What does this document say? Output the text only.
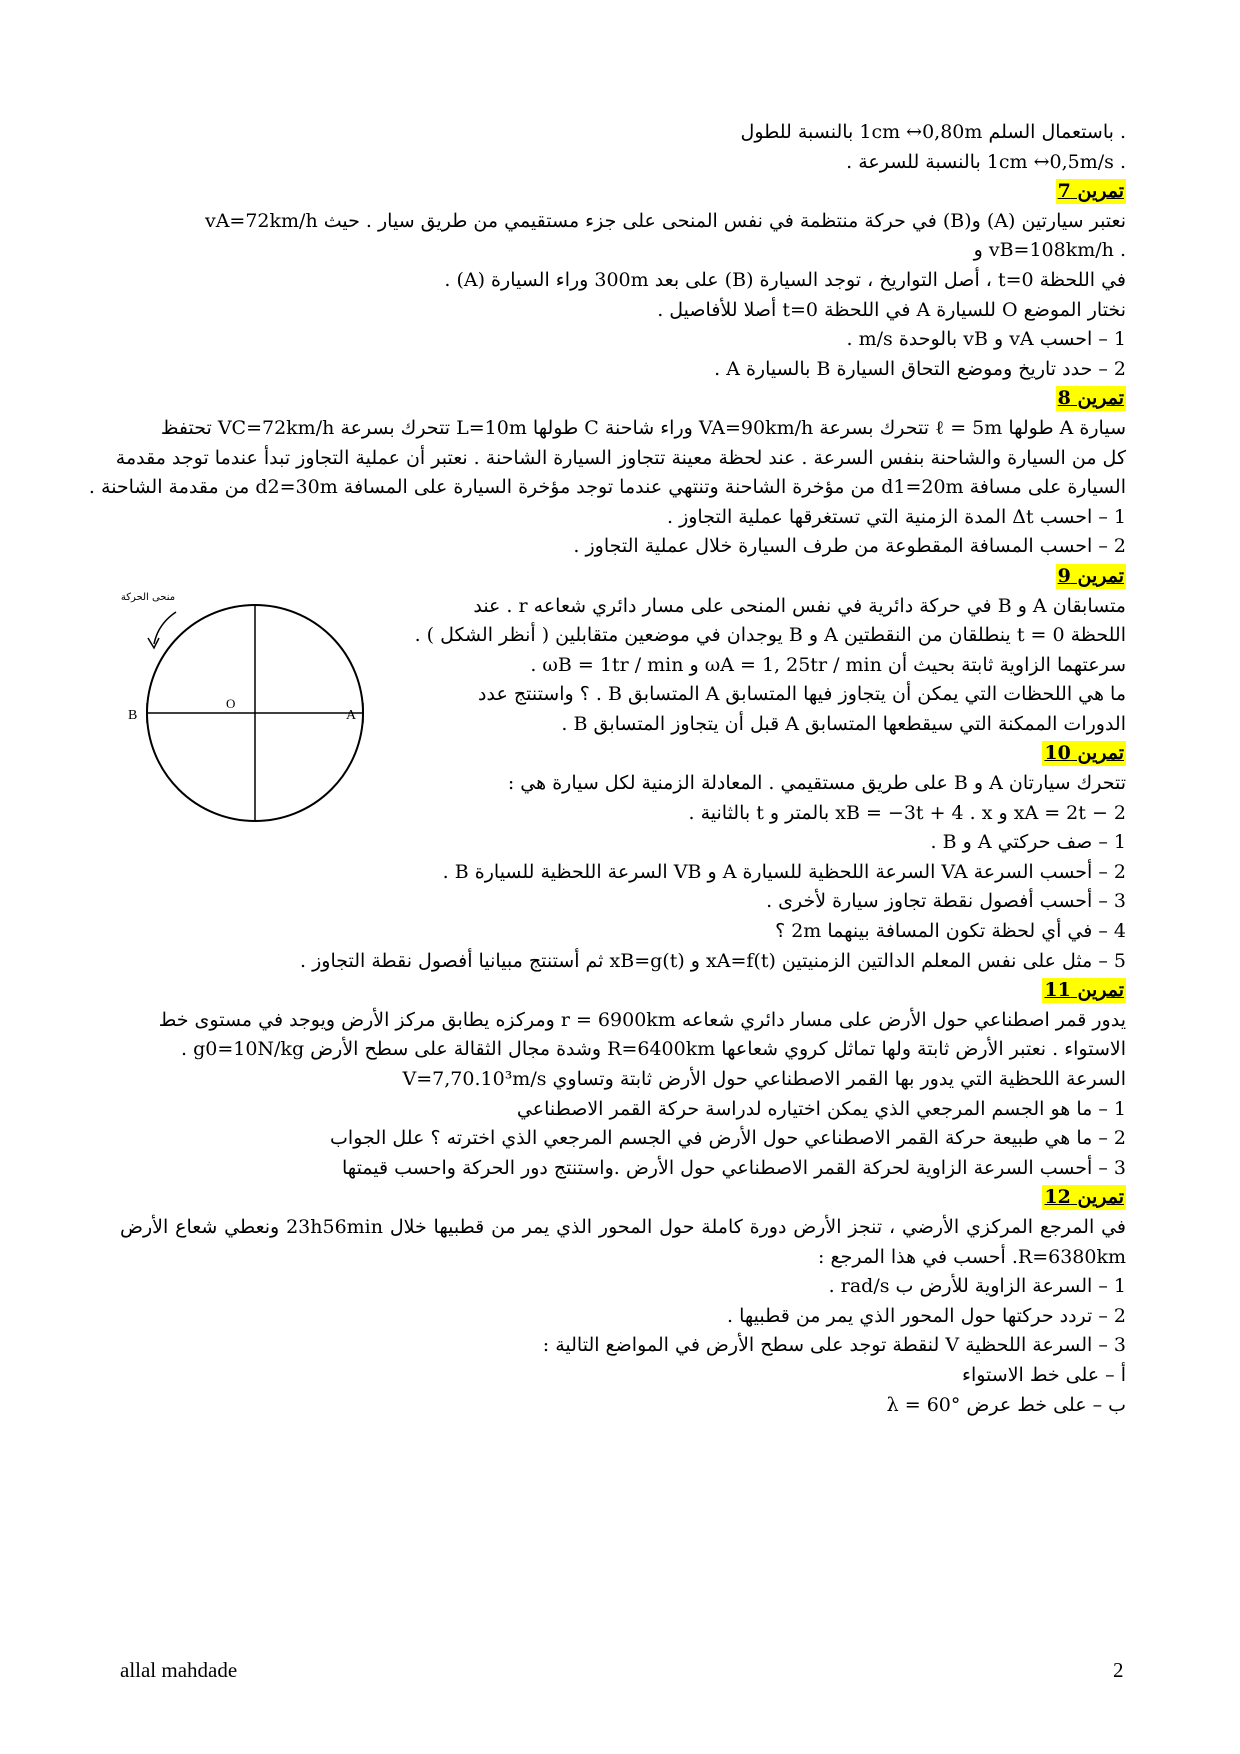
. باستعمال السلم 1cm ↔0,80m بالنسبة للطول

. 1cm ↔0,5m/s بالنسبة للسرعة .

تمرين 7

نعتبر سيارتين (A) و(B) في حركة منتظمة في نفس المنحى على جزء مستقيمي من طريق سيار . حيث vA=72km/h

. vB=108km/h و

في اللحظة t=0 ، أصل التواريخ ، توجد السيارة (B) على بعد 300m وراء السيارة (A) .

نختار الموضع O للسيارة A في اللحظة t=0 أصلا للأفاصيل .

1 – احسب vA و vB بالوحدة m/s .

2 – حدد تاريخ وموضع التحاق السيارة B بالسيارة A .

تمرين 8

سيارة A طولها ℓ = 5m تتحرك بسرعة VA=90km/h وراء شاحنة C طولها L=10m تتحرك بسرعة VC=72km/h تحتفظ

كل من السيارة والشاحنة بنفس السرعة . عند لحظة معينة تتجاوز السيارة الشاحنة . نعتبر أن عملية التجاوز تبدأ عندما توجد مقدمة

السيارة على مسافة d1=20m من مؤخرة الشاحنة وتنتهي عندما توجد مؤخرة السيارة على المسافة d2=30m من مقدمة الشاحنة .

1 – احسب Δt المدة الزمنية التي تستغرقها عملية التجاوز .

2 – احسب المسافة المقطوعة من طرف السيارة خلال عملية التجاوز .

تمرين 9

متسابقان A و B في حركة دائرية في نفس المنحى على مسار دائري شعاعه r . عند

اللحظة t = 0 ينطلقان من النقطتين A و B يوجدان في موضعين متقابلين ( أنظر الشكل ) .

سرعتهما الزاوية ثابتة بحيث أن ωA = 1, 25tr / min و ωB = 1tr / min .

ما هي اللحظات التي يمكن أن يتجاوز فيها المتسابق A المتسابق B . ؟ واستنتج عدد

الدورات الممكنة التي سيقطعها المتسابق A قبل أن يتجاوز المتسابق B .

تمرين 10

تتحرك سيارتان A و B على طريق مستقيمي . المعادلة الزمنية لكل سيارة هي :

xA = 2t − 2 و xB = −3t + 4 . x بالمتر و t بالثانية .

1 – صف حركتي A و B .

2 – أحسب السرعة VA السرعة اللحظية للسيارة A و VB السرعة اللحظية للسيارة B .

3 – أحسب أفصول نقطة تجاوز سيارة لأخرى .

4 – في أي لحظة تكون المسافة بينهما 2m ؟

5 – مثل على نفس المعلم الدالتين الزمنيتين xA=f(t) و xB=g(t) ثم أستنتج مبيانيا أفصول نقطة التجاوز .

تمرين 11

يدور قمر اصطناعي حول الأرض على مسار دائري شعاعه r = 6900km ومركزه يطابق مركز الأرض ويوجد في مستوى خط

الاستواء . نعتبر الأرض ثابتة ولها تماثل كروي شعاعها R=6400km وشدة مجال الثقالة على سطح الأرض g0=10N/kg .

السرعة اللحظية التي يدور بها القمر الاصطناعي حول الأرض ثابتة وتساوي V=7,70.10³m/s

1 – ما هو الجسم المرجعي الذي يمكن اختياره لدراسة حركة القمر الاصطناعي

2 – ما هي طبيعة حركة القمر الاصطناعي حول الأرض في الجسم المرجعي الذي اخترته ؟ علل الجواب

3 – أحسب السرعة الزاوية لحركة القمر الاصطناعي حول الأرض .واستنتج دور الحركة واحسب قيمتها

تمرين 12

في المرجع المركزي الأرضي ، تنجز الأرض دورة كاملة حول المحور الذي يمر من قطبيها خلال 23h56min ونعطي شعاع الأرض R=6380km. أحسب في هذا المرجع :

1 – السرعة الزاوية للأرض ب rad/s .

2 – تردد حركتها حول المحور الذي يمر من قطبيها .

3 – السرعة اللحظية V لنقطة توجد على سطح الأرض في المواضع التالية :

أ – على خط الاستواء

ب – على خط عرض λ = 60°

منحى الحركة
B
O
A
allal mahdade	2
